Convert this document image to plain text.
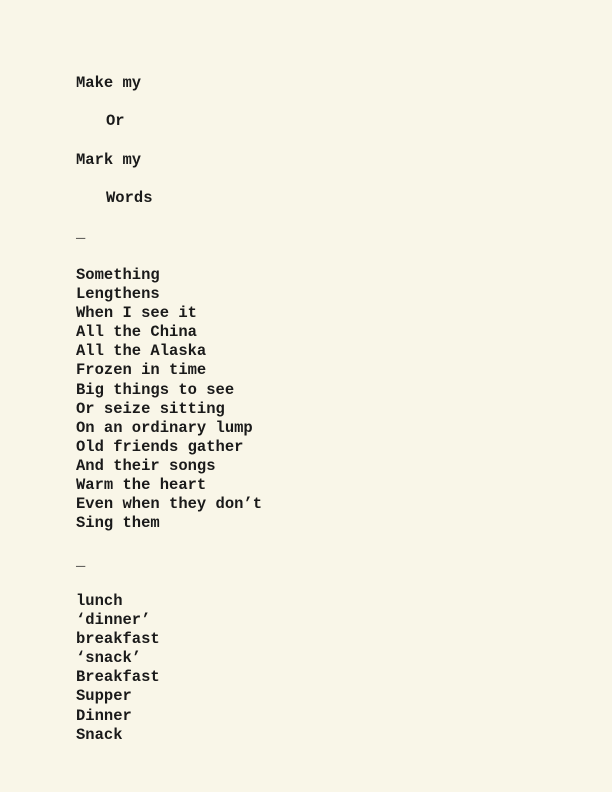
Make my
Or
Mark my
Words
_
Something
Lengthens
When I see it
All the China
All the Alaska
Frozen in time
Big things to see
Or seize sitting
On an ordinary lump
Old friends gather
And their songs
Warm the heart
Even when they don’t
Sing them
_
lunch
‘dinner’
breakfast
‘snack’
Breakfast
Supper
Dinner
Snack
